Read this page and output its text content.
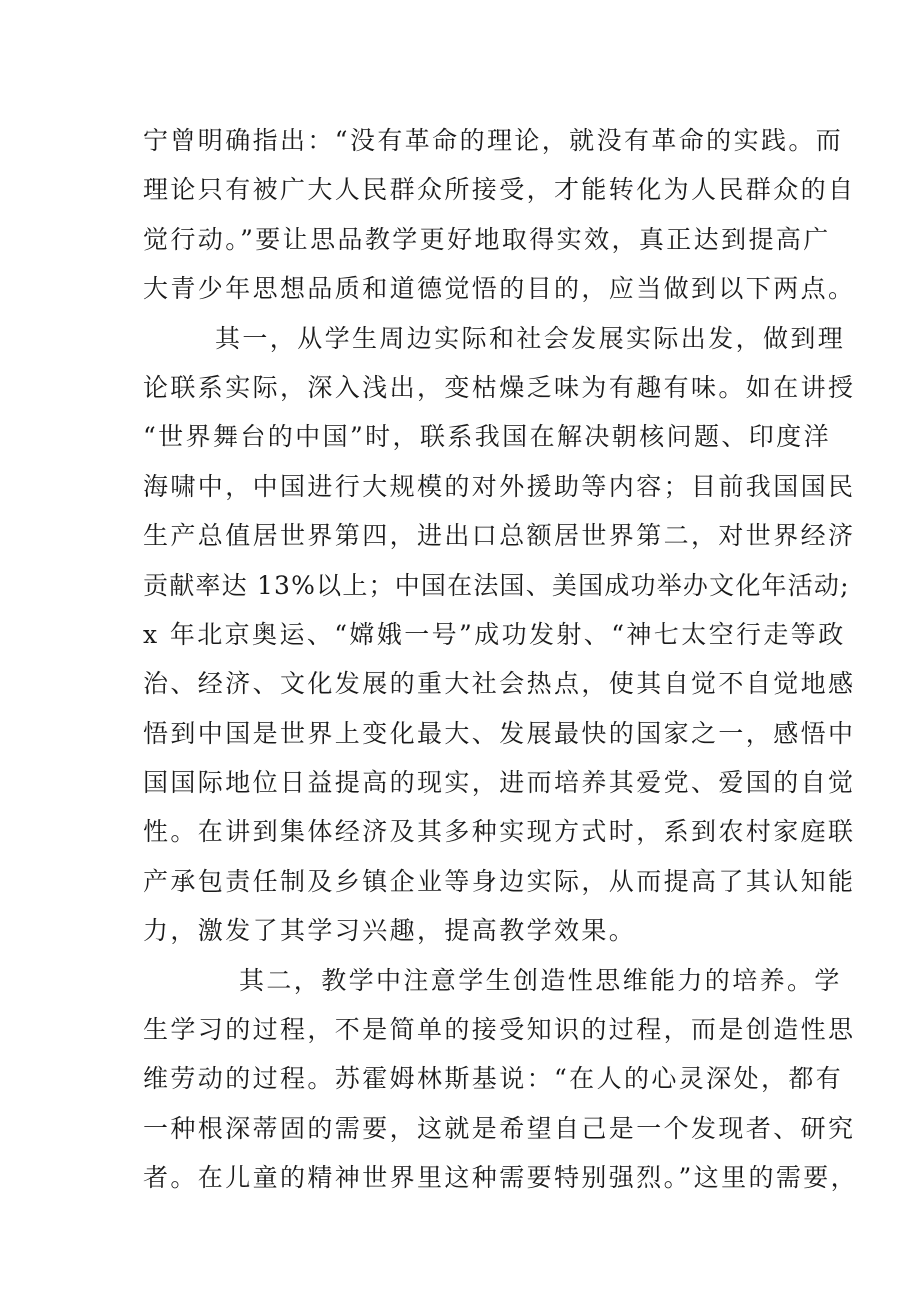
宁曾明确指出：“没有革命的理论，就没有革命的实践。而
理论只有被广大人民群众所接受，才能转化为人民群众的自
觉行动。”要让思品教学更好地取得实效，真正达到提高广
大青少年思想品质和道德觉悟的目的，应当做到以下两点。
其一，从学生周边实际和社会发展实际出发，做到理
论联系实际，深入浅出，变枯燥乏味为有趣有味。如在讲授
“世界舞台的中国”时，联系我国在解决朝核问题、印度洋
海啸中，中国进行大规模的对外援助等内容；目前我国国民
生产总值居世界第四，进出口总额居世界第二，对世界经济
贡献率达 13%以上；中国在法国、美国成功举办文化年活动;
x 年北京奥运、“嫦娥一号”成功发射、“神七太空行走等政
治、经济、文化发展的重大社会热点，使其自觉不自觉地感
悟到中国是世界上变化最大、发展最快的国家之一，感悟中
国国际地位日益提高的现实，进而培养其爱党、爱国的自觉
性。在讲到集体经济及其多种实现方式时，系到农村家庭联
产承包责任制及乡镇企业等身边实际，从而提高了其认知能
力，激发了其学习兴趣，提高教学效果。
其二，教学中注意学生创造性思维能力的培养。学
生学习的过程，不是简单的接受知识的过程，而是创造性思
维劳动的过程。苏霍姆林斯基说：“在人的心灵深处，都有
一种根深蒂固的需要，这就是希望自己是一个发现者、研究
者。在儿童的精神世界里这种需要特别强烈。”这里的需要，
